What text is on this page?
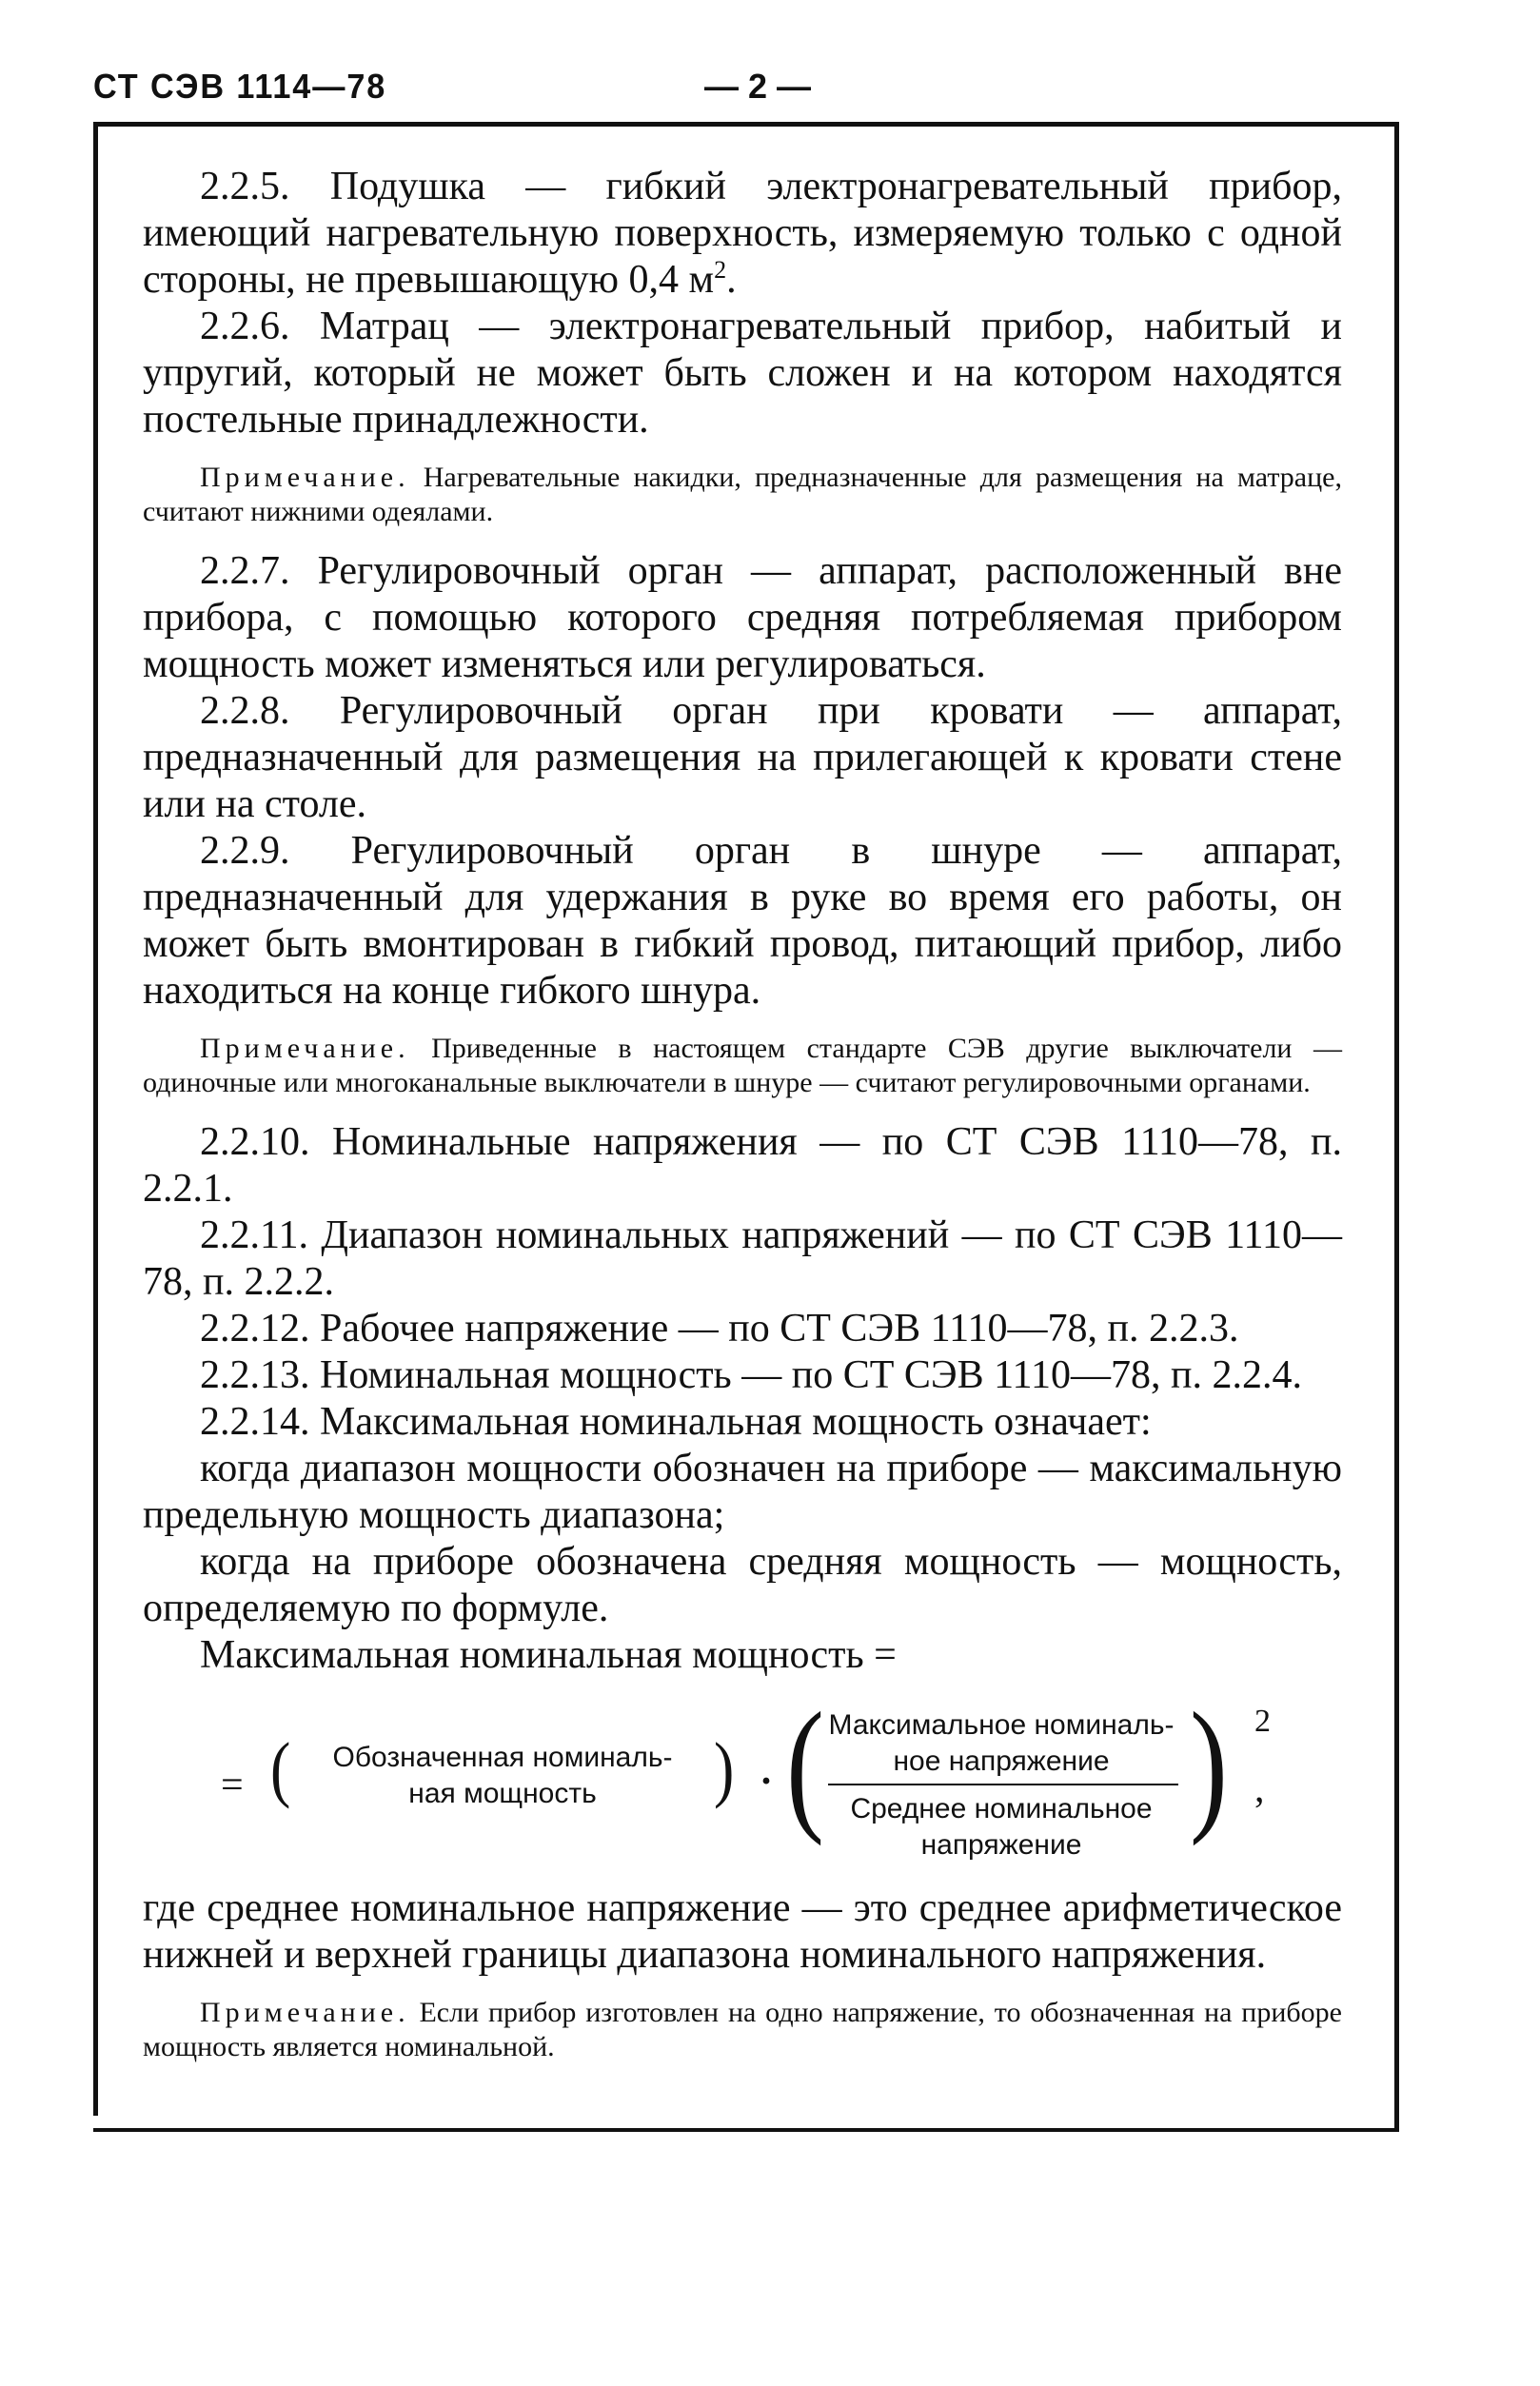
СТ СЭВ 1114—78	— 2 —

2.2.5. Подушка — гибкий электронагревательный прибор, имеющий нагревательную поверхность, измеряемую только с одной стороны, не превышающую 0,4 $м^2$.

2.2.6. Матрац — электронагревательный прибор, набитый и упругий, который не может быть сложен и на котором находятся постельные принадлежности.

Примечание. Нагревательные накидки, предназначенные для размещения на матраце, считают нижними одеялами.

2.2.7. Регулировочный орган — аппарат, расположенный вне прибора, с помощью которого средняя потребляемая прибором мощность может изменяться или регулироваться.

2.2.8. Регулировочный орган при кровати — аппарат, предназначенный для размещения на прилегающей к кровати стене или на столе.

2.2.9. Регулировочный орган в шнуре — аппарат, предназначенный для удержания в руке во время его работы, он может быть вмонтирован в гибкий провод, питающий прибор, либо находиться на конце гибкого шнура.

Примечание. Приведенные в настоящем стандарте СЭВ другие выключатели — одиночные или многоканальные выключатели в шнуре — считают регулировочными органами.

2.2.10. Номинальные напряжения — по СТ СЭВ 1110—78, п. 2.2.1.

2.2.11. Диапазон номинальных напряжений — по СТ СЭВ 1110—78, п. 2.2.2.

2.2.12. Рабочее напряжение — по СТ СЭВ 1110—78, п. 2.2.3.

2.2.13. Номинальная мощность — по СТ СЭВ 1110—78, п. 2.2.4.

2.2.14. Максимальная номинальная мощность означает:

когда диапазон мощности обозначен на приборе — максимальную предельную мощность диапазона;

когда на приборе обозначена средняя мощность — мощность, определяемую по формуле.

Максимальная номинальная мощность =

= (	Обозначенная номиналь-
ная мощность	) · ( Максимальное номиналь-
ное напряжение
Среднее номинальное
напряжение ) 2
,

где среднее номинальное напряжение — это среднее арифметическое нижней и верхней границы диапазона номинального напряжения.

Примечание. Если прибор изготовлен на одно напряжение, то обозначенная на приборе мощность является номинальной.
